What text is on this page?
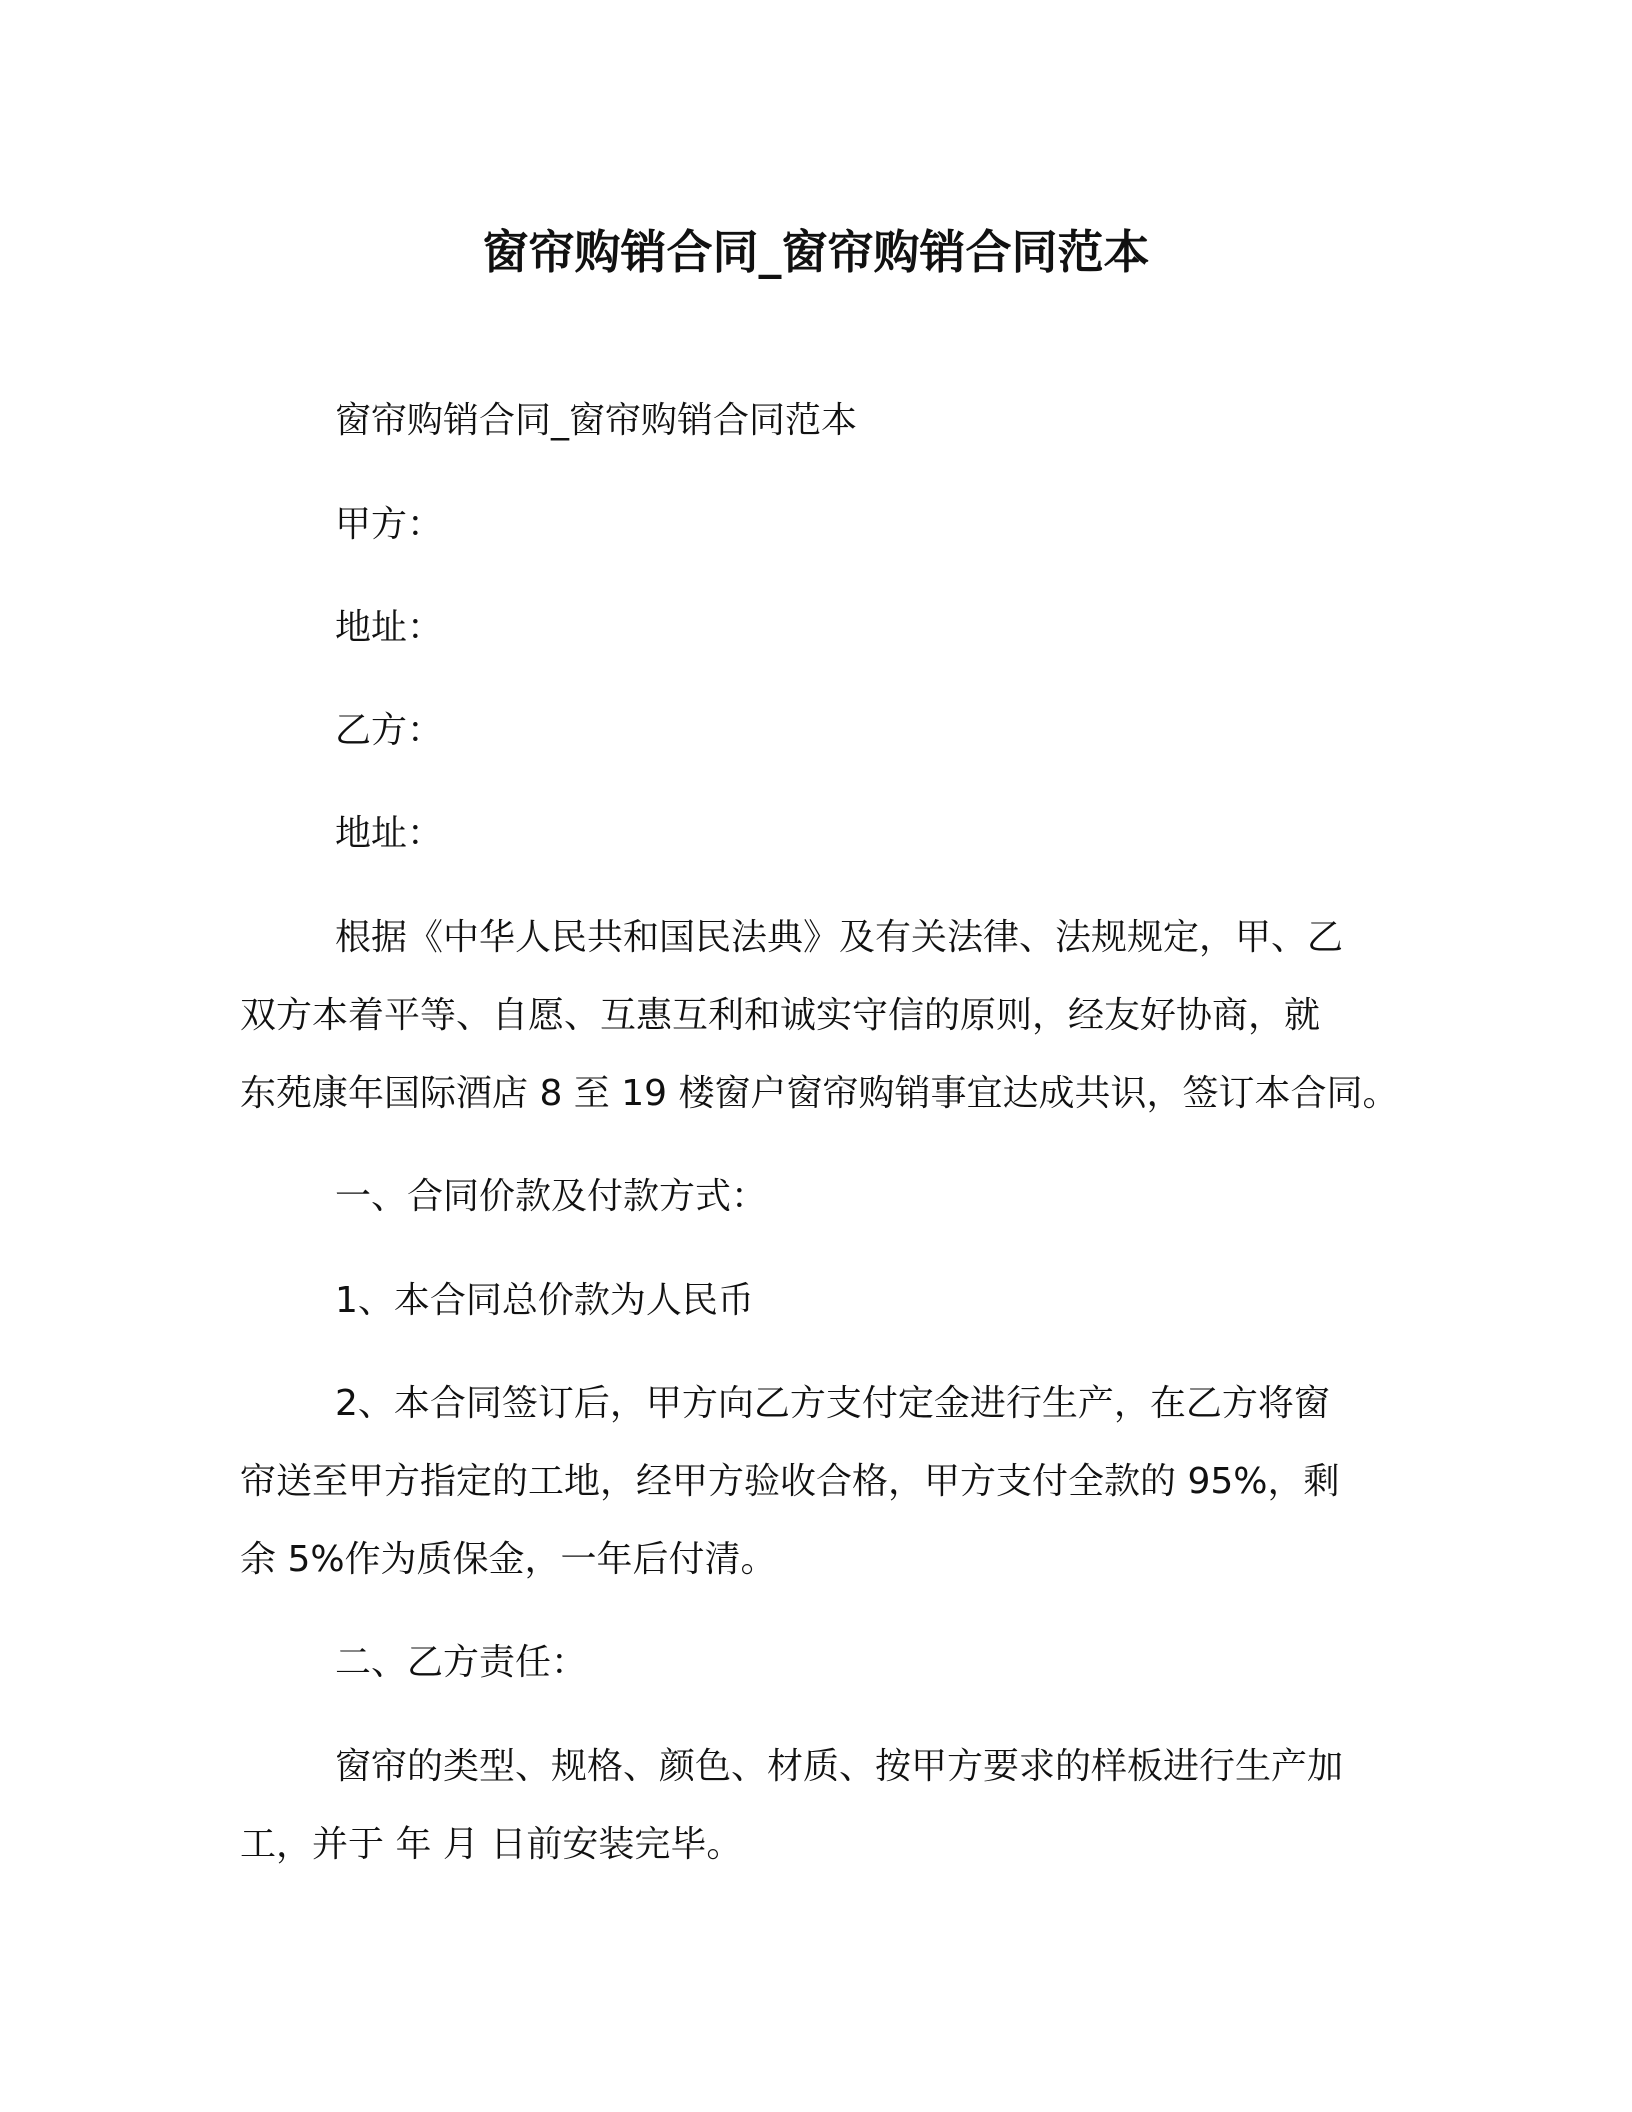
窗帘购销合同_窗帘购销合同范本
窗帘购销合同_窗帘购销合同范本
甲方：
地址：
乙方：
地址：
根据《中华人民共和国民法典》及有关法律、法规规定，甲、乙
双方本着平等、自愿、互惠互利和诚实守信的原则，经友好协商，就
东苑康年国际酒店 8 至 19 楼窗户窗帘购销事宜达成共识，签订本合同。
一、合同价款及付款方式：
1、本合同总价款为人民币
2、本合同签订后，甲方向乙方支付定金进行生产，在乙方将窗
帘送至甲方指定的工地，经甲方验收合格，甲方支付全款的 95%，剩
余 5%作为质保金，一年后付清。
二、乙方责任：
窗帘的类型、规格、颜色、材质、按甲方要求的样板进行生产加
工，并于 年 月 日前安装完毕。
